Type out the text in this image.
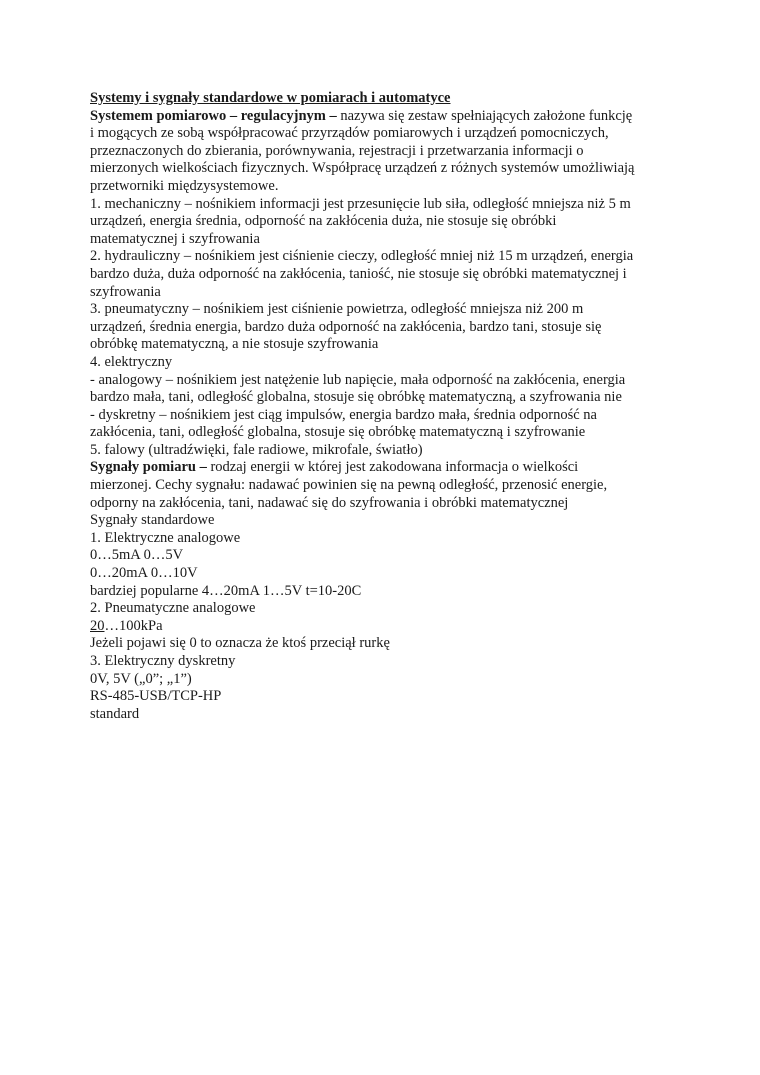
Systemy i sygnały standardowe w pomiarach i automatyce
Systemem pomiarowo – regulacyjnym – nazywa się zestaw spełniających założone funkcję
i mogących ze sobą współpracować przyrządów pomiarowych i urządzeń pomocniczych,
przeznaczonych do zbierania, porównywania, rejestracji i przetwarzania informacji o
mierzonych wielkościach fizycznych. Współpracę urządzeń z różnych systemów umożliwiają
przetworniki międzysystemowe.
1. mechaniczny – nośnikiem informacji jest przesunięcie lub siła, odległość mniejsza niż 5 m
urządzeń, energia średnia, odporność na zakłócenia duża, nie stosuje się obróbki
matematycznej i szyfrowania
2. hydrauliczny – nośnikiem jest ciśnienie cieczy, odległość mniej niż 15 m urządzeń, energia
bardzo duża, duża odporność na zakłócenia, taniość, nie stosuje się obróbki matematycznej i
szyfrowania
3. pneumatyczny – nośnikiem jest ciśnienie powietrza, odległość mniejsza niż 200 m
urządzeń, średnia energia, bardzo duża odporność na zakłócenia, bardzo tani, stosuje się
obróbkę matematyczną, a nie stosuje szyfrowania
4. elektryczny
- analogowy – nośnikiem jest natężenie lub napięcie, mała odporność na zakłócenia, energia
bardzo mała, tani, odległość globalna, stosuje się obróbkę matematyczną, a szyfrowania nie
- dyskretny – nośnikiem jest ciąg impulsów, energia bardzo mała, średnia odporność na
zakłócenia, tani, odległość globalna, stosuje się obróbkę matematyczną i szyfrowanie
5. falowy (ultradźwięki, fale radiowe, mikrofale, światło)
Sygnały pomiaru – rodzaj energii w której jest zakodowana informacja o wielkości
mierzonej. Cechy sygnału: nadawać powinien się na pewną odległość, przenosić energie,
odporny na zakłócenia, tani, nadawać się do szyfrowania i obróbki matematycznej
Sygnały standardowe
1. Elektryczne analogowe
0…5mA 0…5V
0…20mA 0…10V
bardziej popularne 4…20mA 1…5V t=10-20C
2. Pneumatyczne analogowe
20…100kPa
Jeżeli pojawi się 0 to oznacza że ktoś przeciął rurkę
3. Elektryczny dyskretny
0V, 5V („0”; „1”)
RS-485-USB/TCP-HP
standard
